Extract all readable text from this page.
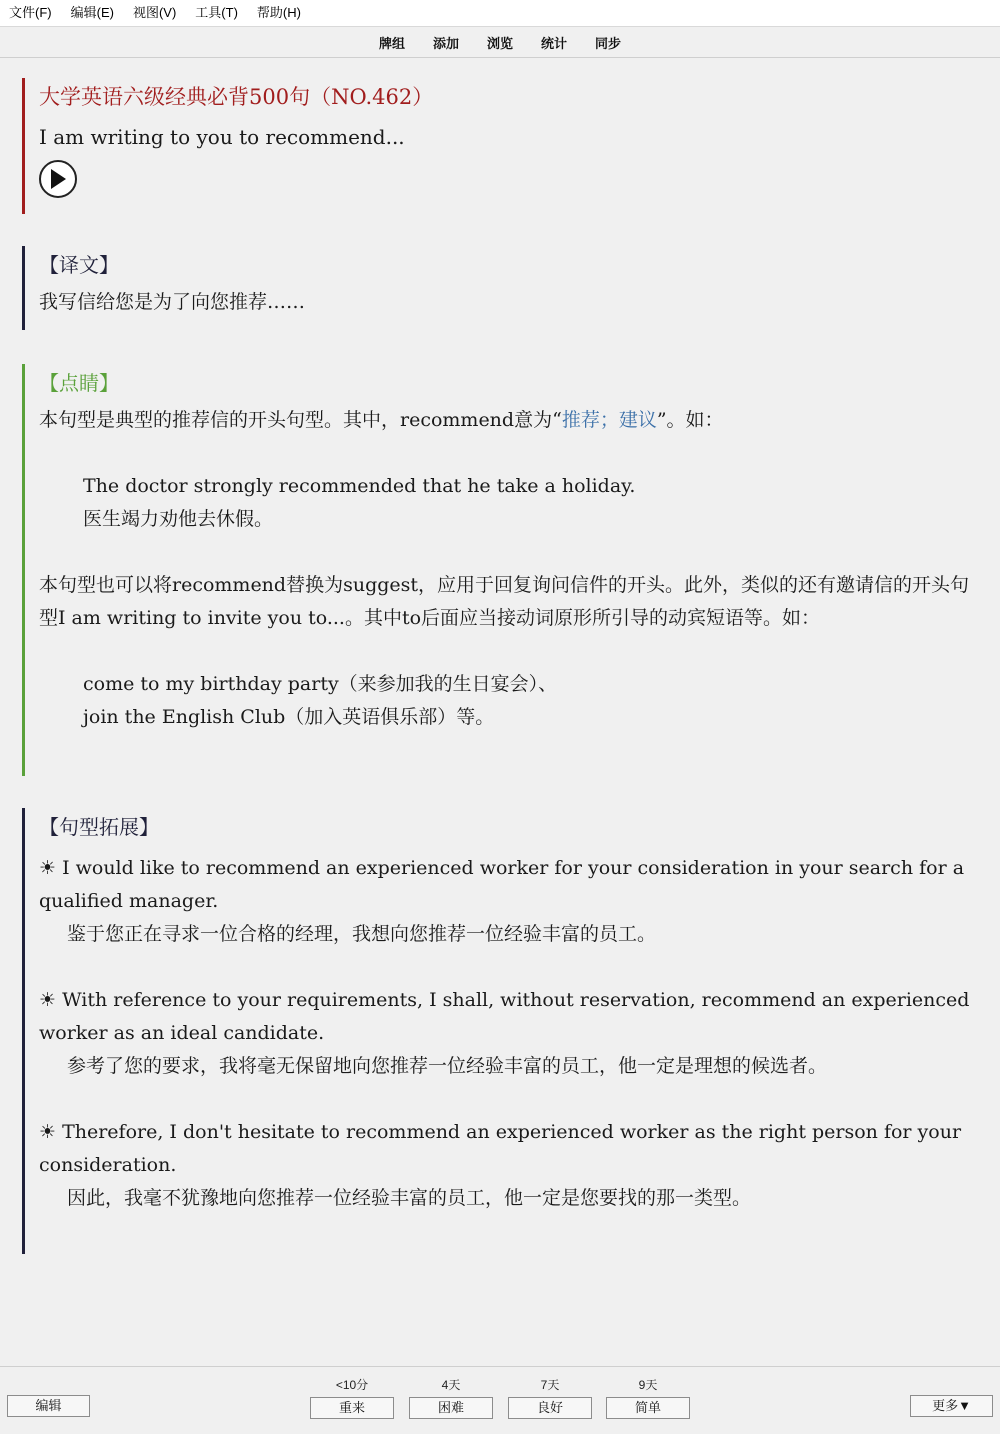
文件(F)	编辑(E)	视图(V)	工具(T)	帮助(H)
牌组 添加 浏览 统计 同步
大学英语六级经典必背500句（NO.462）
I am writing to you to recommend...
【译文】
我写信给您是为了向您推荐……
【点睛】
本句型是典型的推荐信的开头句型。其中，recommend意为“推荐；建议”。如：
The doctor strongly recommended that he take a holiday.
医生竭力劝他去休假。
本句型也可以将recommend替换为suggest，应用于回复询问信件的开头。此外，类似的还有邀请信的开头句型I am writing to invite you to...。其中to后面应当接动词原形所引导的动宾短语等。如：
come to my birthday party（来参加我的生日宴会）、
join the English Club（加入英语俱乐部）等。
【句型拓展】
☀ I would like to recommend an experienced worker for your consideration in your search for a qualified manager.
鉴于您正在寻求一位合格的经理，我想向您推荐一位经验丰富的员工。
☀ With reference to your requirements, I shall, without reservation, recommend an experienced worker as an ideal candidate.
参考了您的要求，我将毫无保留地向您推荐一位经验丰富的员工，他一定是理想的候选者。
☀ Therefore, I don't hesitate to recommend an experienced worker as the right person for your consideration.
因此，我毫不犹豫地向您推荐一位经验丰富的员工，他一定是您要找的那一类型。
编辑
<10分
重来
4天
困难
7天
良好
9天
简单	更多▼
